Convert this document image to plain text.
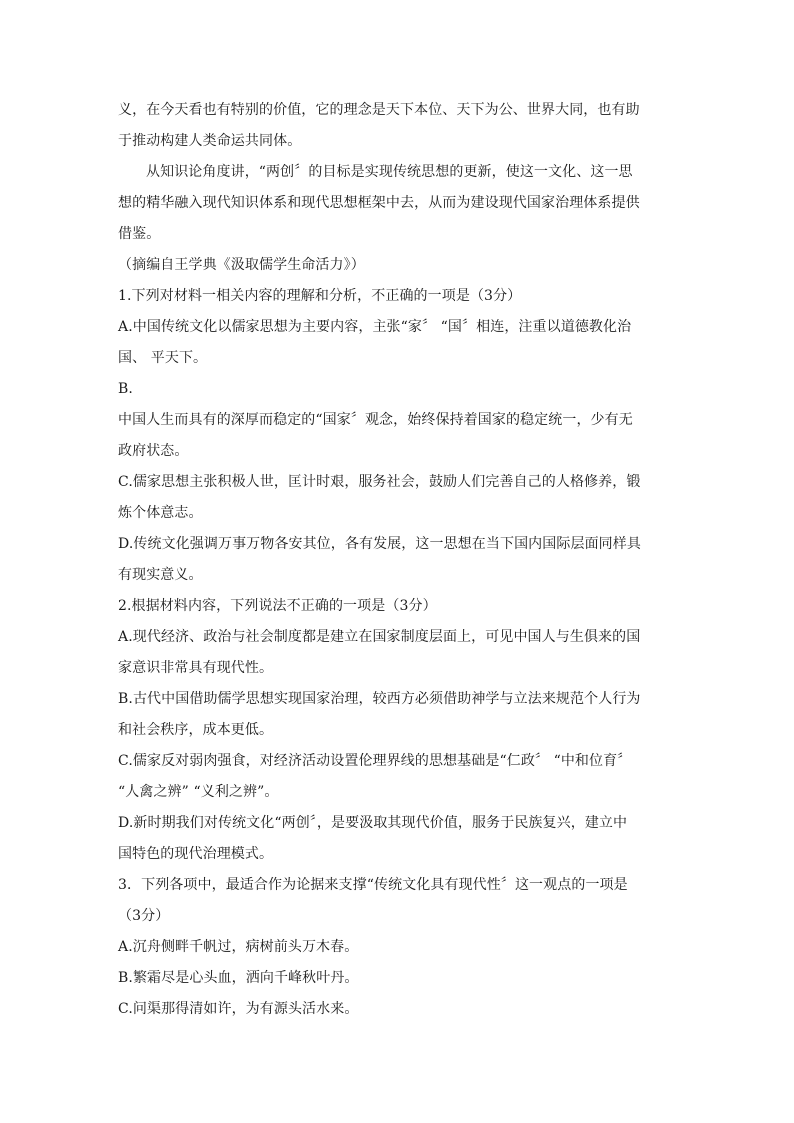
义，在今天看也有特别的价值，它的理念是天下本位、天下为公、世界大同，也有助
于推动构建人类命运共同体。
从知识论角度讲，“两创〞的目标是实现传统思想的更新，使这一文化、这一思
想的精华融入现代知识体系和现代思想框架中去，从而为建设现代国家治理体系提供
借鉴。
（摘编自王学典《汲取儒学生命活力》）
1.下列对材料一相关内容的理解和分析，不正确的一项是（3分）
A.中国传统文化以儒家思想为主要内容，主张“家〞 “国〞相连，注重以道德教化治
国、 平天下。
B.
中国人生而具有的深厚而稳定的“国家〞观念，始终保持着国家的稳定统一，少有无
政府状态。
C.儒家思想主张积极人世，匡计时艰，服务社会，鼓励人们完善自己的人格修养，锻
炼个体意志。
D.传统文化强调万事万物各安其位，各有发展，这一思想在当下国内国际层面同样具
有现实意义。
2.根据材料内容，下列说法不正确的一项是（3分）
A.现代经济、政治与社会制度都是建立在国家制度层面上，可见中国人与生俱来的国
家意识非常具有现代性。
B.古代中国借助儒学思想实现国家治理，较西方必须借助神学与立法来规范个人行为
和社会秩序，成本更低。
C.儒家反对弱肉强食，对经济活动设置伦理界线的思想基础是“仁政〞 “中和位育〞
“人禽之辨” “义利之辨”。
D.新时期我们对传统文化“两创〞，是要汲取其现代价值，服务于民族复兴，建立中
国特色的现代治理模式。
3．下列各项中，最适合作为论据来支撑“传统文化具有现代性〞这一观点的一项是
（3分）
A.沉舟侧畔千帆过，病树前头万木春。
B.繁霜尽是心头血，洒向千峰秋叶丹。
C.问渠那得清如许，为有源头活水来。
